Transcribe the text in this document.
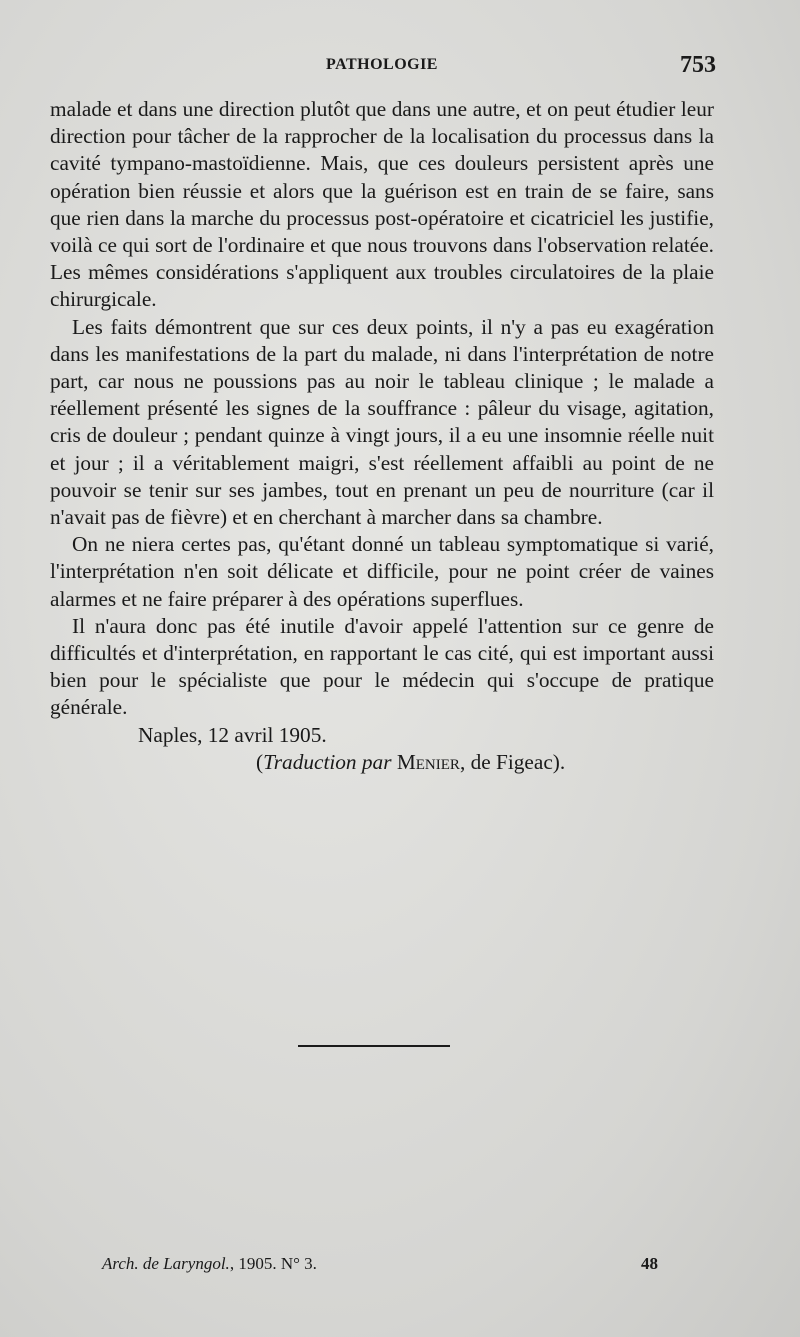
PATHOLOGIE	753

malade et dans une direction plutôt que dans une autre, et on peut étudier leur direction pour tâcher de la rapprocher de la localisation du processus dans la cavité tympano-mastoïdienne. Mais, que ces douleurs persistent après une opération bien réussie et alors que la guérison est en train de se faire, sans que rien dans la marche du processus post-opératoire et cicatriciel les justifie, voilà ce qui sort de l'ordinaire et que nous trouvons dans l'observation relatée. Les mêmes considérations s'appliquent aux troubles circulatoires de la plaie chirurgicale.

Les faits démontrent que sur ces deux points, il n'y a pas eu exagération dans les manifestations de la part du malade, ni dans l'interprétation de notre part, car nous ne poussions pas au noir le tableau clinique ; le malade a réellement présenté les signes de la souffrance : pâleur du visage, agitation, cris de douleur ; pendant quinze à vingt jours, il a eu une insomnie réelle nuit et jour ; il a véritablement maigri, s'est réellement affaibli au point de ne pouvoir se tenir sur ses jambes, tout en prenant un peu de nourriture (car il n'avait pas de fièvre) et en cherchant à marcher dans sa chambre.

On ne niera certes pas, qu'étant donné un tableau symptomatique si varié, l'interprétation n'en soit délicate et difficile, pour ne point créer de vaines alarmes et ne faire préparer à des opérations superflues.

Il n'aura donc pas été inutile d'avoir appelé l'attention sur ce genre de difficultés et d'interprétation, en rapportant le cas cité, qui est important aussi bien pour le spécialiste que pour le médecin qui s'occupe de pratique générale.

Naples, 12 avril 1905.

(Traduction par Menier, de Figeac).

Arch. de Laryngol., 1905. N° 3.	48
